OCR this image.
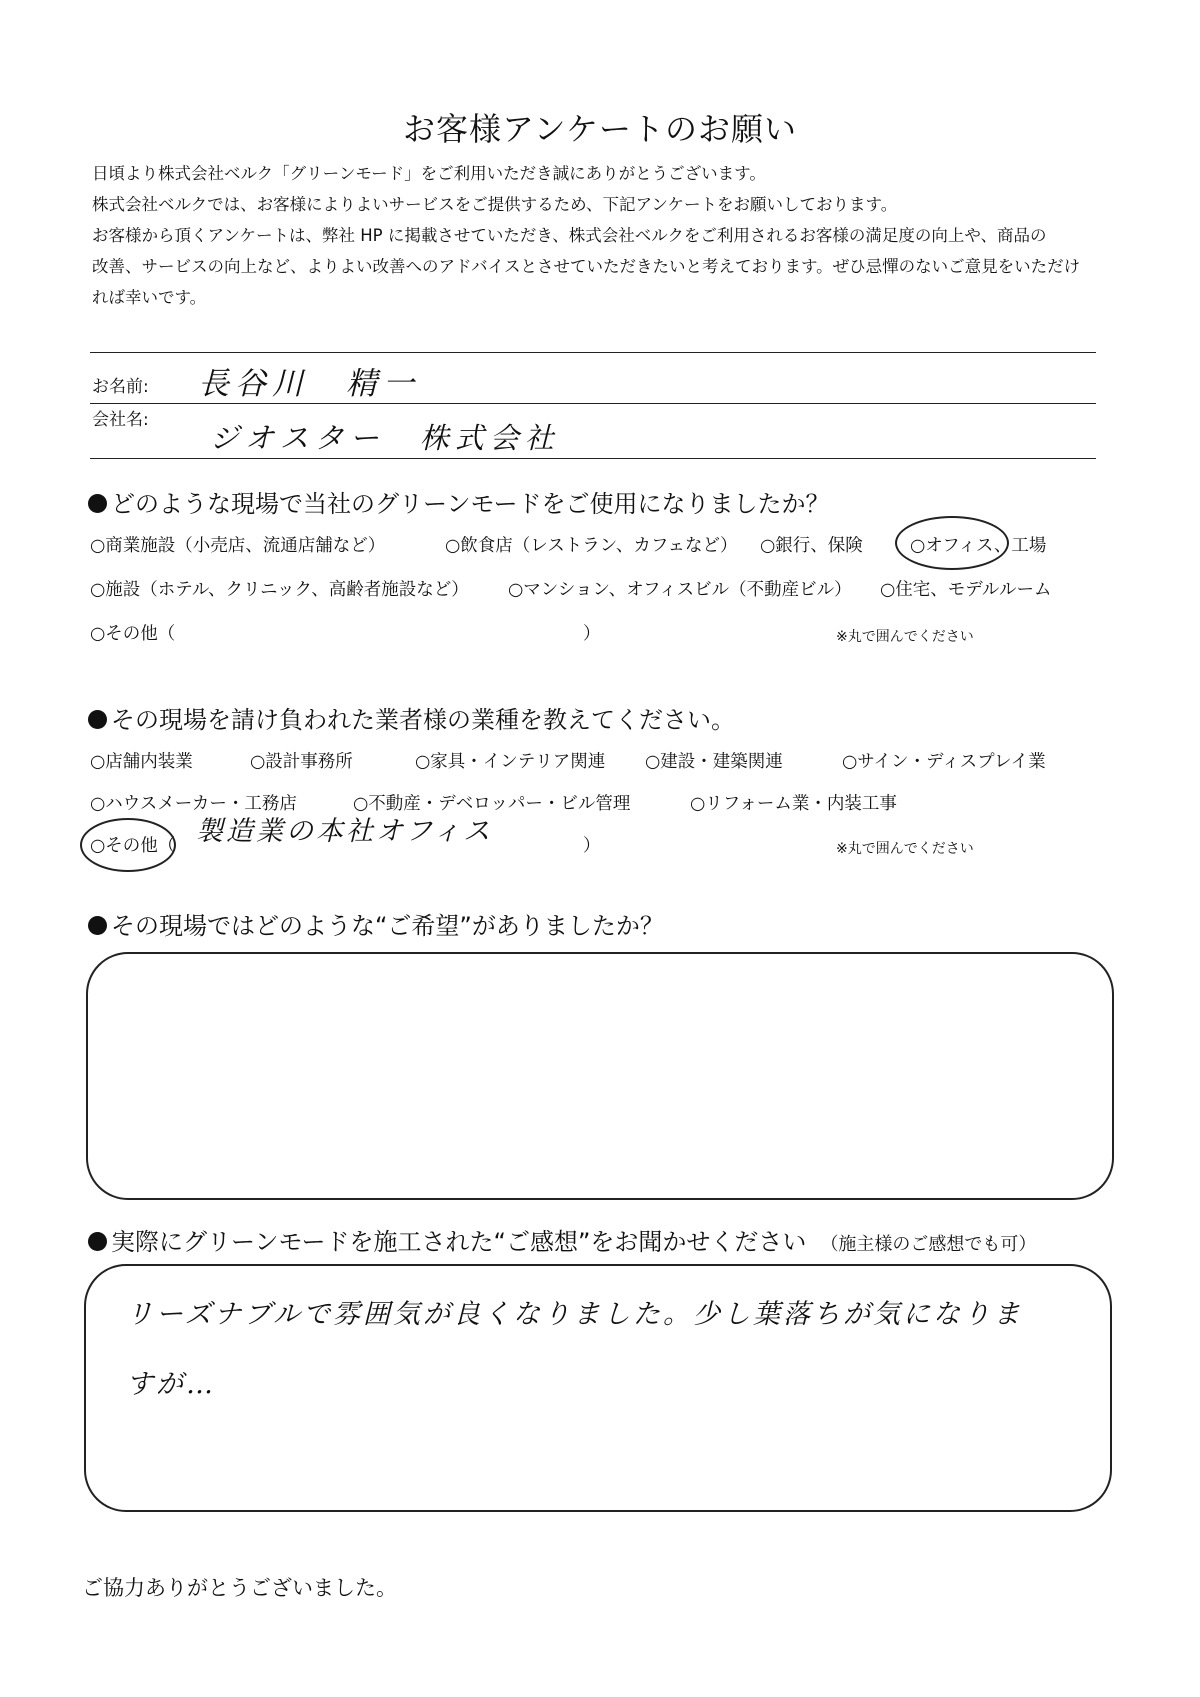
お客様アンケートのお願い

日頃より株式会社ベルク「グリーンモード」をご利用いただき誠にありがとうございます。

株式会社ベルクでは、お客様によりよいサービスをご提供するため、下記アンケートをお願いしております。

お客様から頂くアンケートは、弊社 HP に掲載させていただき、株式会社ベルクをご利用されるお客様の満足度の向上や、商品の

改善、サービスの向上など、よりよい改善へのアドバイスとさせていただきたいと考えております。ぜひ忌憚のないご意見をいただけ

れば幸いです。

お名前: 長谷川　精一
会社名:
ジオスター　株式会社
どのような現場で当社のグリーンモードをご使用になりましたか？
○商業施設（小売店、流通店舗など）	○飲食店（レストラン、カフェなど） ○銀行、保険	○オフィス、工場
○施設（ホテル、クリニック、高齢者施設など） ○マンション、オフィスビル（不動産ビル） ○住宅、モデルルーム
○その他（	）	※丸で囲んでください
その現場を請け負われた業者様の業種を教えてください。
○店舗内装業	○設計事務所	○家具・インテリア関連 ○建設・建築関連	○サイン・ディスプレイ業
○ハウスメーカー・工務店	○不動産・デベロッパー・ビル管理	○リフォーム業・内装工事
○その他（ 製造業の本社オフィス	）	※丸で囲んでください
その現場ではどのような“ご希望”がありましたか？
実際にグリーンモードを施工された“ご感想”をお聞かせください （施主様のご感想でも可）
リーズナブルで雰囲気が良くなりました。少し葉落ちが気になりますが…
ご協力ありがとうございました。
